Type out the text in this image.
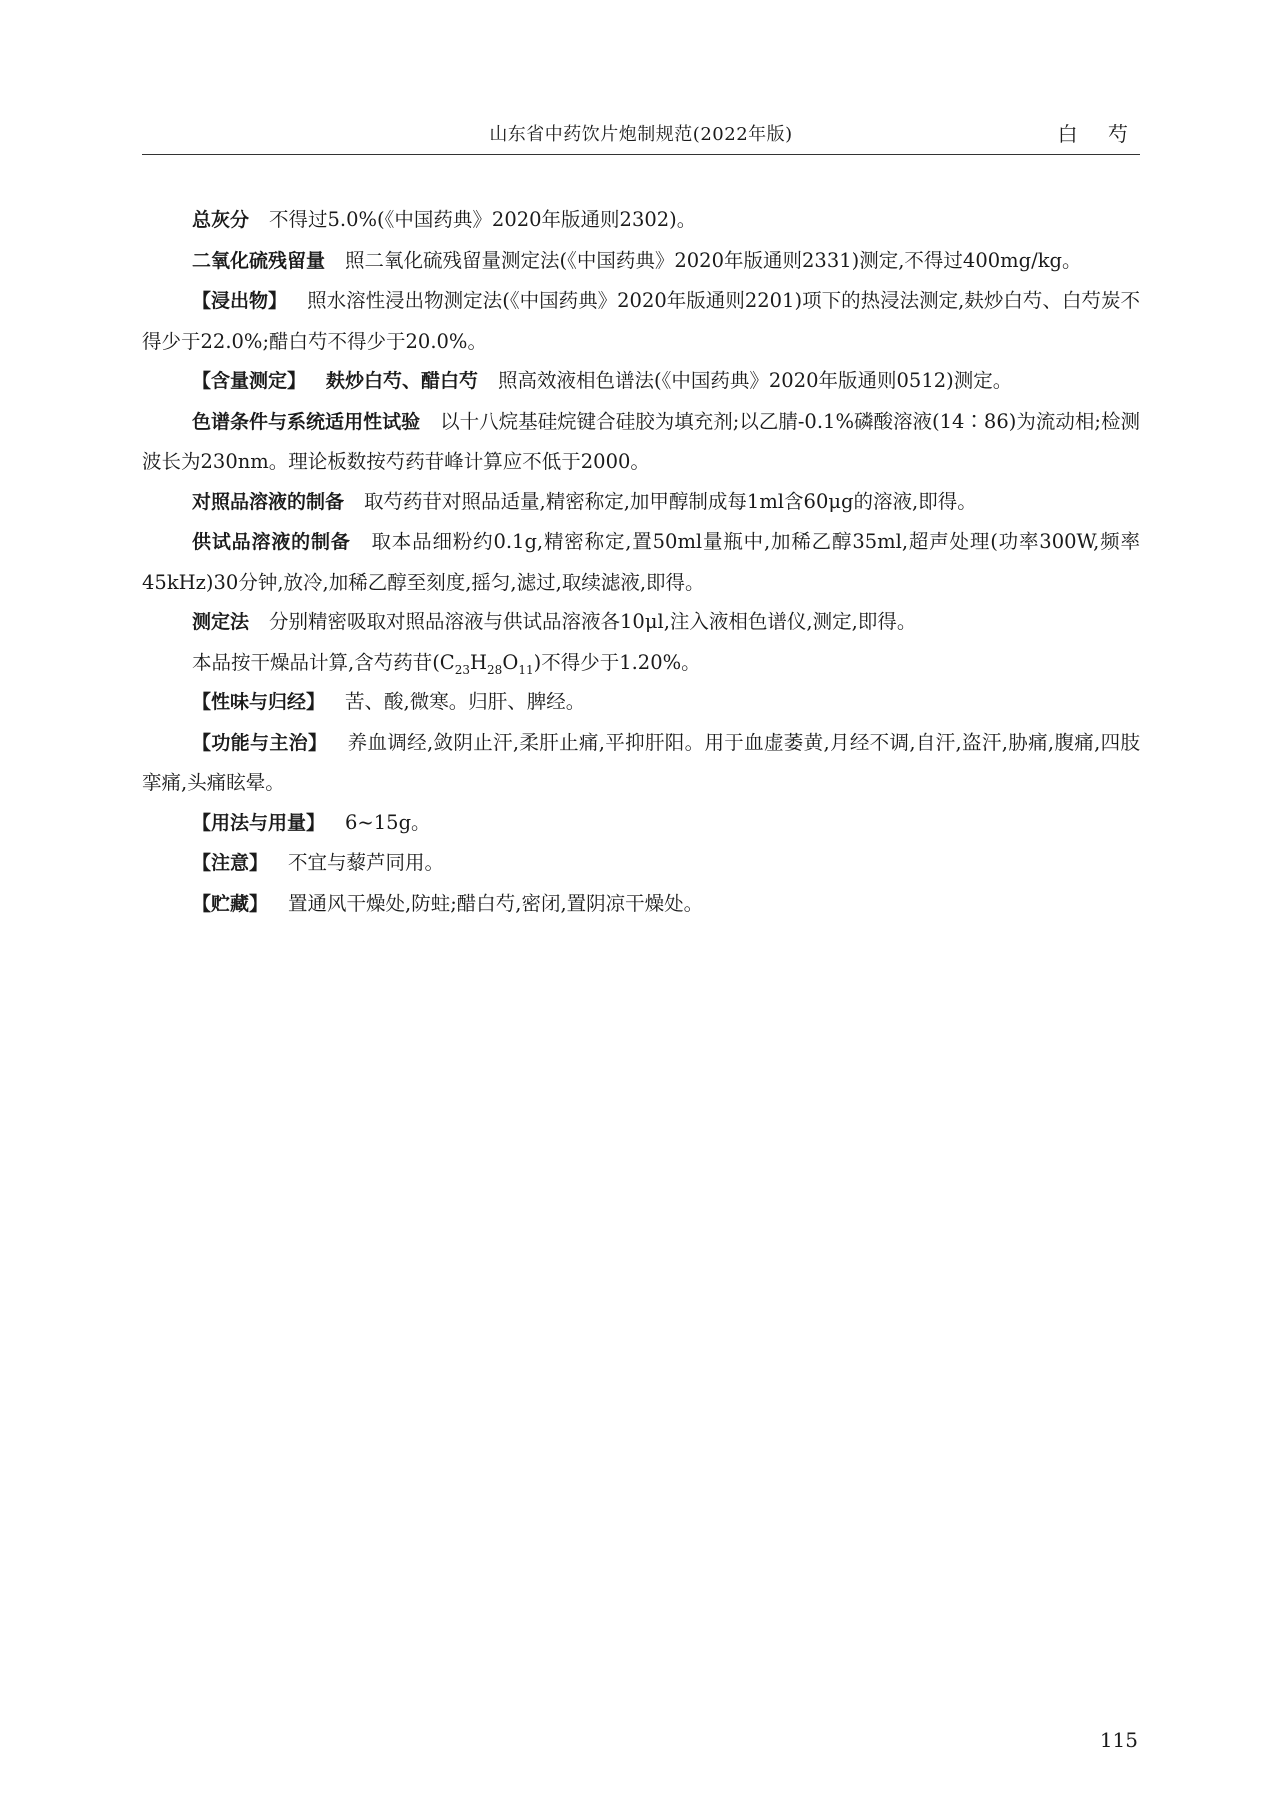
山东省中药饮片炮制规范(2022年版)	白 芍

总灰分 不得过5.0%(《中国药典》2020年版通则2302)。

二氧化硫残留量 照二氧化硫残留量测定法(《中国药典》2020年版通则2331)测定,不得过400mg/kg。

【浸出物】 照水溶性浸出物测定法(《中国药典》2020年版通则2201)项下的热浸法测定,麸炒白芍、白芍炭不得少于22.0%;醋白芍不得少于20.0%。

【含量测定】 麸炒白芍、醋白芍 照高效液相色谱法(《中国药典》2020年版通则0512)测定。

色谱条件与系统适用性试验 以十八烷基硅烷键合硅胶为填充剂;以乙腈-0.1%磷酸溶液(14∶86)为流动相;检测波长为230nm。理论板数按芍药苷峰计算应不低于2000。

对照品溶液的制备 取芍药苷对照品适量,精密称定,加甲醇制成每1ml含60μg的溶液,即得。

供试品溶液的制备 取本品细粉约0.1g,精密称定,置50ml量瓶中,加稀乙醇35ml,超声处理(功率300W,频率45kHz)30分钟,放冷,加稀乙醇至刻度,摇匀,滤过,取续滤液,即得。

测定法 分别精密吸取对照品溶液与供试品溶液各10μl,注入液相色谱仪,测定,即得。

本品按干燥品计算,含芍药苷$(C_{23}H_{28}O_{11})$不得少于1.20%。

【性味与归经】 苦、酸,微寒。归肝、脾经。

【功能与主治】 养血调经,敛阴止汗,柔肝止痛,平抑肝阳。用于血虚萎黄,月经不调,自汗,盗汗,胁痛,腹痛,四肢挛痛,头痛眩晕。

【用法与用量】 6~15g。

【注意】 不宜与藜芦同用。

【贮藏】 置通风干燥处,防蛀;醋白芍,密闭,置阴凉干燥处。

115
